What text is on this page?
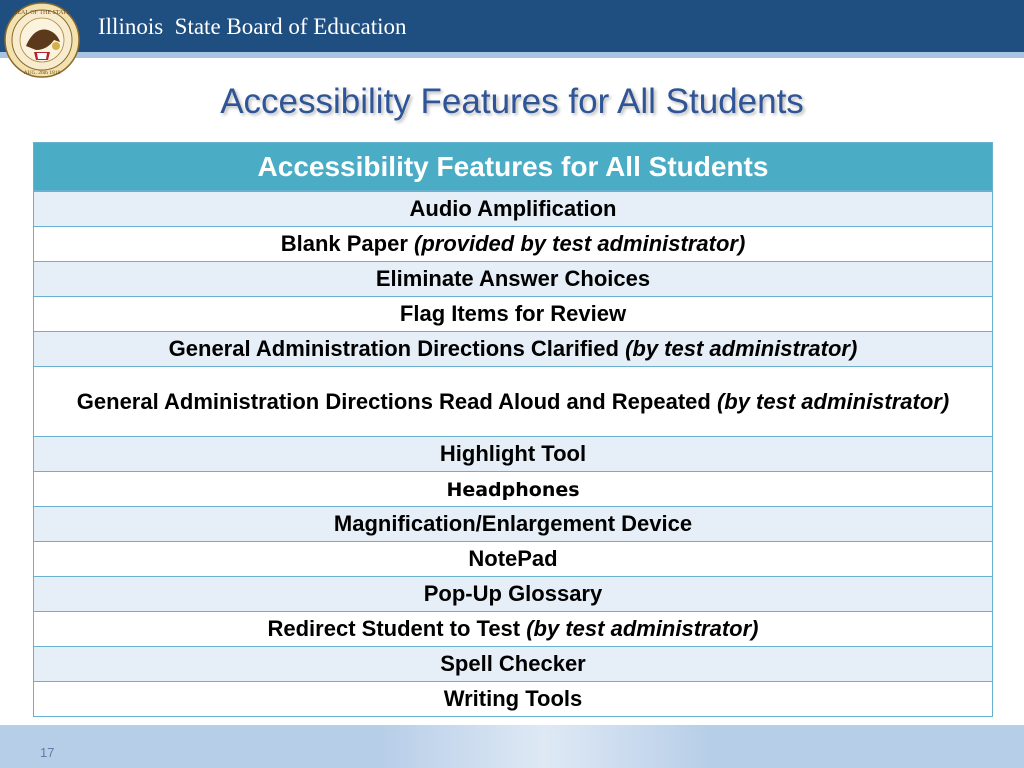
SEAL OF THE STATE
AUG. 26th 1818
Illinois  State Board of Education
Accessibility Features for All Students
Accessibility Features for All Students
Audio Amplification
Blank Paper (provided by test administrator)
Eliminate Answer Choices
Flag Items for Review
General Administration Directions Clarified (by test administrator)
General Administration Directions Read Aloud and Repeated (by test administrator)
Highlight Tool
Headphones
Magnification/Enlargement Device
NotePad
Pop-Up Glossary
Redirect Student to Test (by test administrator)
Spell Checker
Writing Tools
17
